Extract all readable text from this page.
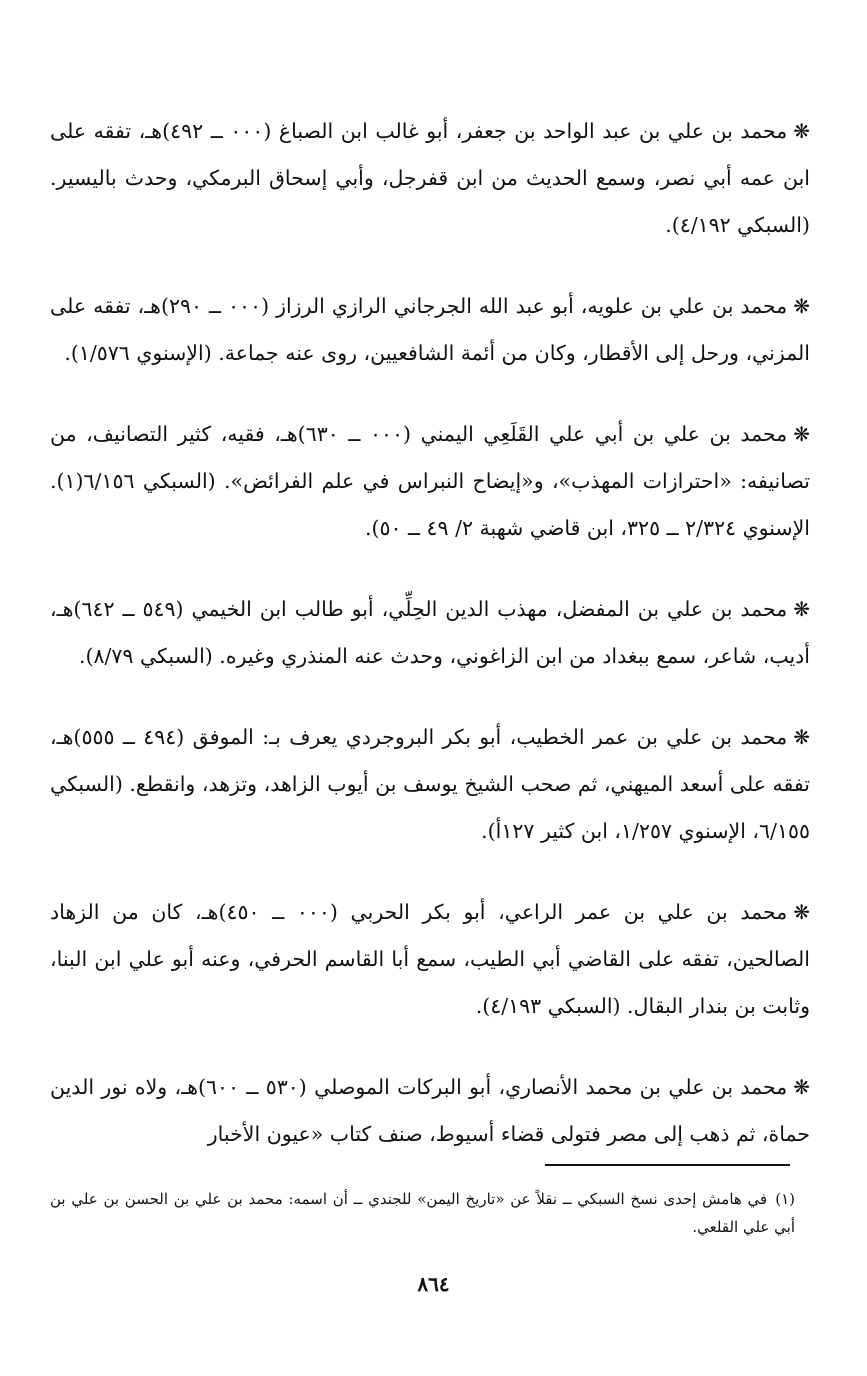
❋محمد بن علي بن عبد الواحد بن جعفر، أبو غالب ابن الصباغ (٠٠٠ ــ ٤٩٢)هـ، تفقه على ابن عمه أبي نصر، وسمع الحديث من ابن قفرجل، وأبي إسحاق البرمكي، وحدث باليسير. (السبكي ٤/١٩٢).

❋محمد بن علي بن علويه، أبو عبد الله الجرجاني الرازي الرزاز (٠٠٠ ــ ٢٩٠)هـ، تفقه على المزني، ورحل إلى الأقطار، وكان من أئمة الشافعيين، روى عنه جماعة. (الإسنوي ١/٥٧٦).

❋محمد بن علي بن أبي علي القَلَعِي اليمني (٠٠٠ ــ ٦٣٠)هـ، فقيه، كثير التصانيف، من تصانيفه: «احترازات المهذب»، و«إيضاح النبراس في علم الفرائض». (السبكي ٦/١٥٦(١). الإسنوي ٢/٣٢٤ ــ ٣٢٥، ابن قاضي شهبة ٢/ ٤٩ ــ ٥٠).

❋محمد بن علي بن المفضل، مهذب الدين الحِلِّي، أبو طالب ابن الخيمي (٥٤٩ ــ ٦٤٢)هـ، أديب، شاعر، سمع ببغداد من ابن الزاغوني، وحدث عنه المنذري وغيره. (السبكي ٨/٧٩).

❋محمد بن علي بن عمر الخطيب، أبو بكر البروجردي يعرف بـ: الموفق (٤٩٤ ــ ٥٥٥)هـ، تفقه على أسعد الميهني، ثم صحب الشيخ يوسف بن أيوب الزاهد، وتزهد، وانقطع. (السبكي ٦/١٥٥، الإسنوي ١/٢٥٧، ابن كثير ١٢٧أ).

❋محمد بن علي بن عمر الراعي، أبو بكر الحربي (٠٠٠ ــ ٤٥٠)هـ، كان من الزهاد الصالحين، تفقه على القاضي أبي الطيب، سمع أبا القاسم الحرفي، وعنه أبو علي ابن البنا، وثابت بن بندار البقال. (السبكي ٤/١٩٣).

❋محمد بن علي بن محمد الأنصاري، أبو البركات الموصلي (٥٣٠ ــ ٦٠٠)هـ، ولاه نور الدين حماة، ثم ذهب إلى مصر فتولى قضاء أسيوط، صنف كتاب «عيون الأخبار

(١)في هامش إحدى نسخ السبكي ــ نقلاً عن «تاريخ اليمن» للجندي ــ أن اسمه: محمد بن علي بن الحسن بن علي بن أبي علي القلعي.
٨٦٤
